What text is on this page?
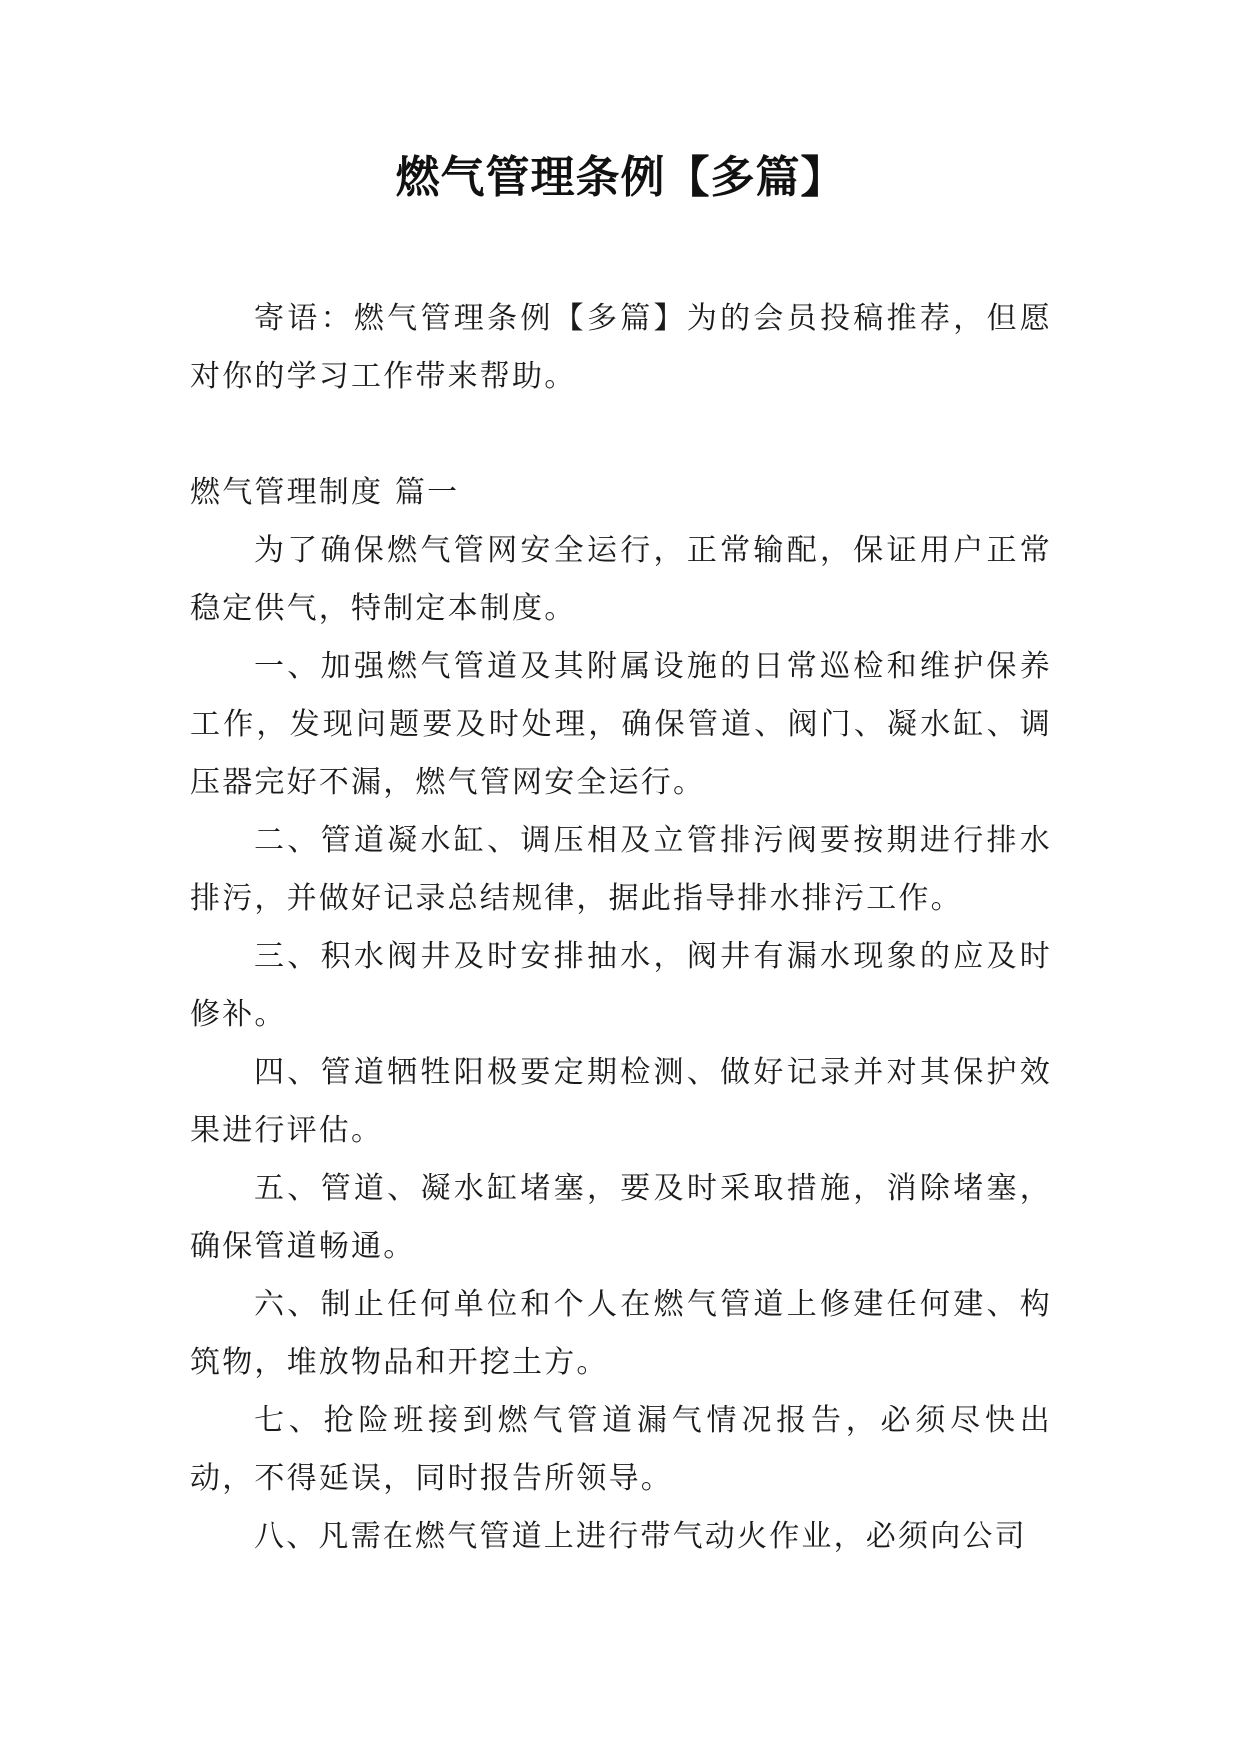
燃气管理条例【多篇】

寄语：燃气管理条例【多篇】为的会员投稿推荐，但愿对你的学习工作带来帮助。

燃气管理制度 篇一

为了确保燃气管网安全运行，正常输配，保证用户正常稳定供气，特制定本制度。

一、加强燃气管道及其附属设施的日常巡检和维护保养工作，发现问题要及时处理，确保管道、阀门、凝水缸、调压器完好不漏，燃气管网安全运行。

二、管道凝水缸、调压相及立管排污阀要按期进行排水排污，并做好记录总结规律，据此指导排水排污工作。

三、积水阀井及时安排抽水，阀井有漏水现象的应及时修补。

四、管道牺牲阳极要定期检测、做好记录并对其保护效果进行评估。

五、管道、凝水缸堵塞，要及时采取措施，消除堵塞，确保管道畅通。

六、制止任何单位和个人在燃气管道上修建任何建、构筑物，堆放物品和开挖土方。

七、抢险班接到燃气管道漏气情况报告，必须尽快出动，不得延误，同时报告所领导。

八、凡需在燃气管道上进行带气动火作业，必须向公司
